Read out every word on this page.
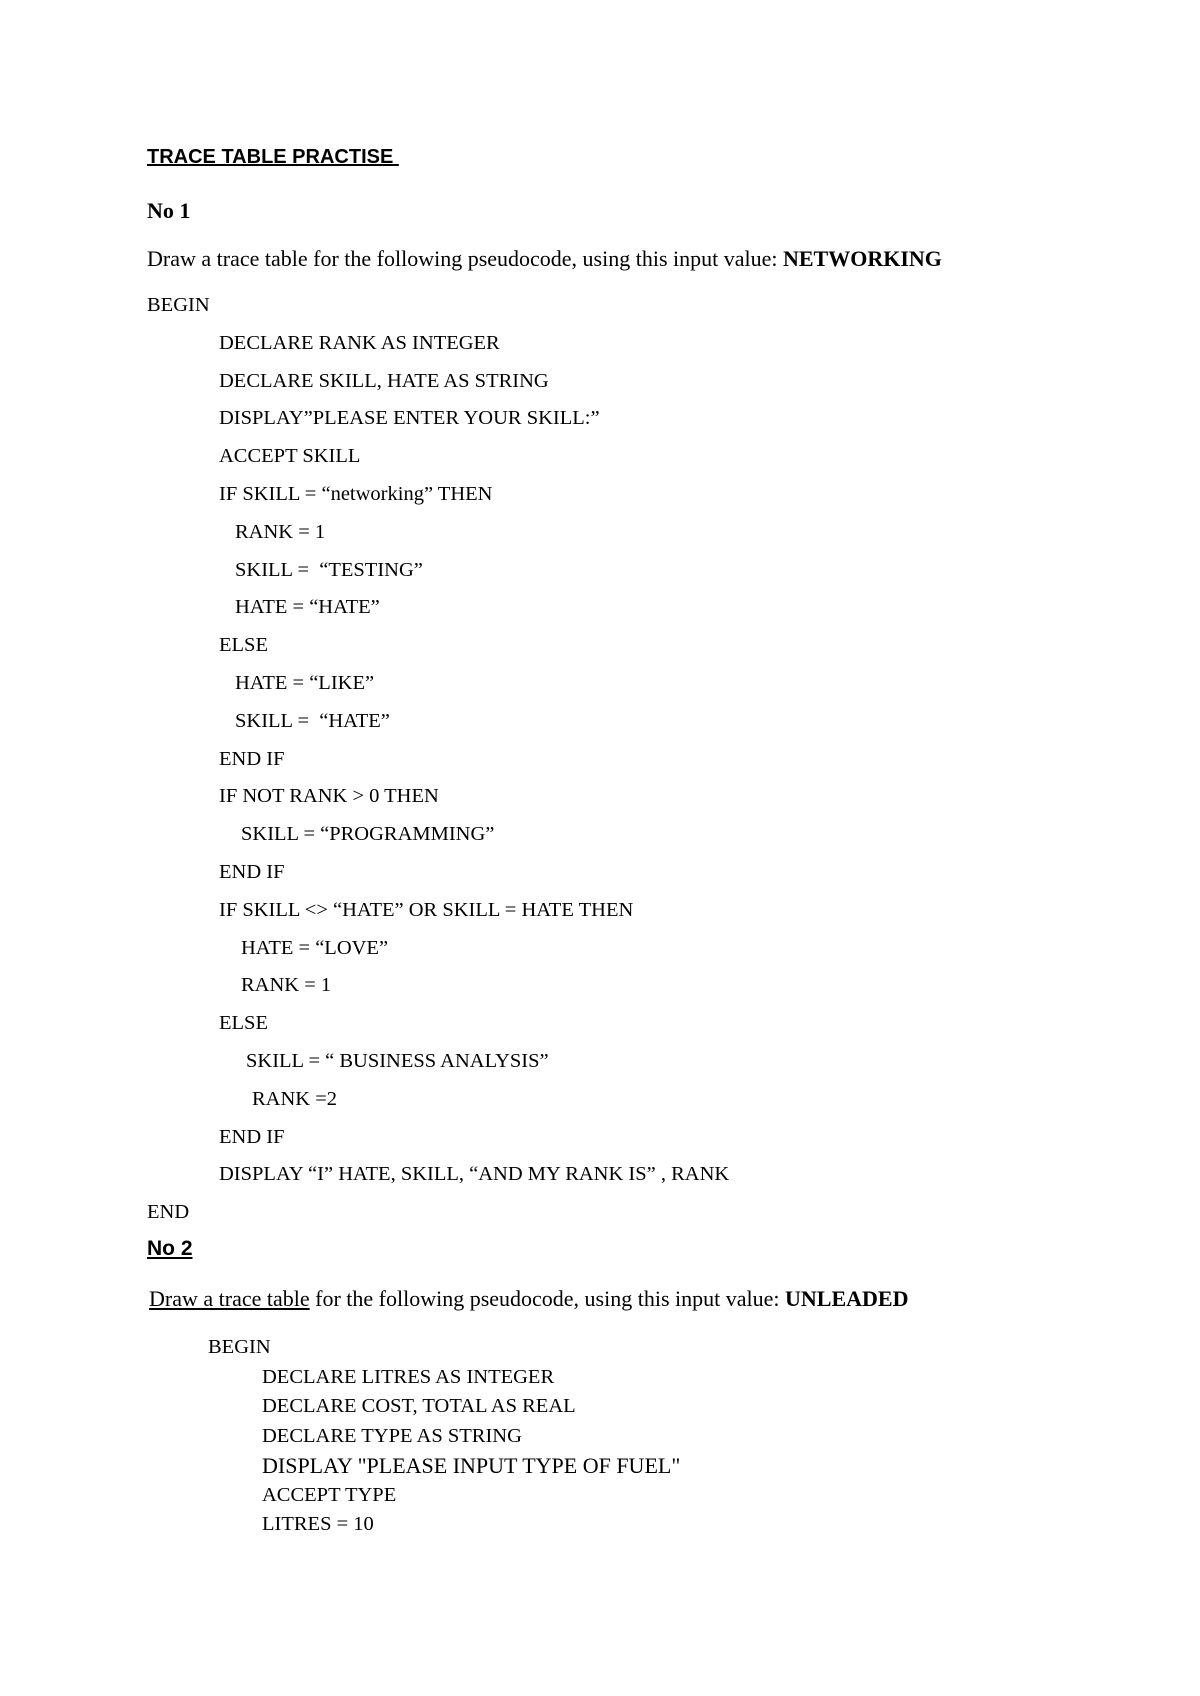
TRACE TABLE PRACTISE
No 1
Draw a trace table for the following pseudocode, using this input value: NETWORKING
BEGIN
DECLARE RANK AS INTEGER
DECLARE SKILL, HATE AS STRING
DISPLAY”PLEASE ENTER YOUR SKILL:”
ACCEPT SKILL
IF SKILL = “networking” THEN
RANK = 1
SKILL =  “TESTING”
HATE = “HATE”
ELSE
HATE = “LIKE”
SKILL =  “HATE”
END IF
IF NOT RANK > 0 THEN
SKILL = “PROGRAMMING”
END IF
IF SKILL <> “HATE” OR SKILL = HATE THEN
HATE = “LOVE”
RANK = 1
ELSE
SKILL = “ BUSINESS ANALYSIS”
RANK =2
END IF
DISPLAY “I” HATE, SKILL, “AND MY RANK IS” , RANK
END
No 2
Draw a trace table for the following pseudocode, using this input value: UNLEADED
BEGIN
DECLARE LITRES AS INTEGER
DECLARE COST, TOTAL AS REAL
DECLARE TYPE AS STRING
DISPLAY "PLEASE INPUT TYPE OF FUEL"
ACCEPT TYPE
LITRES = 10
